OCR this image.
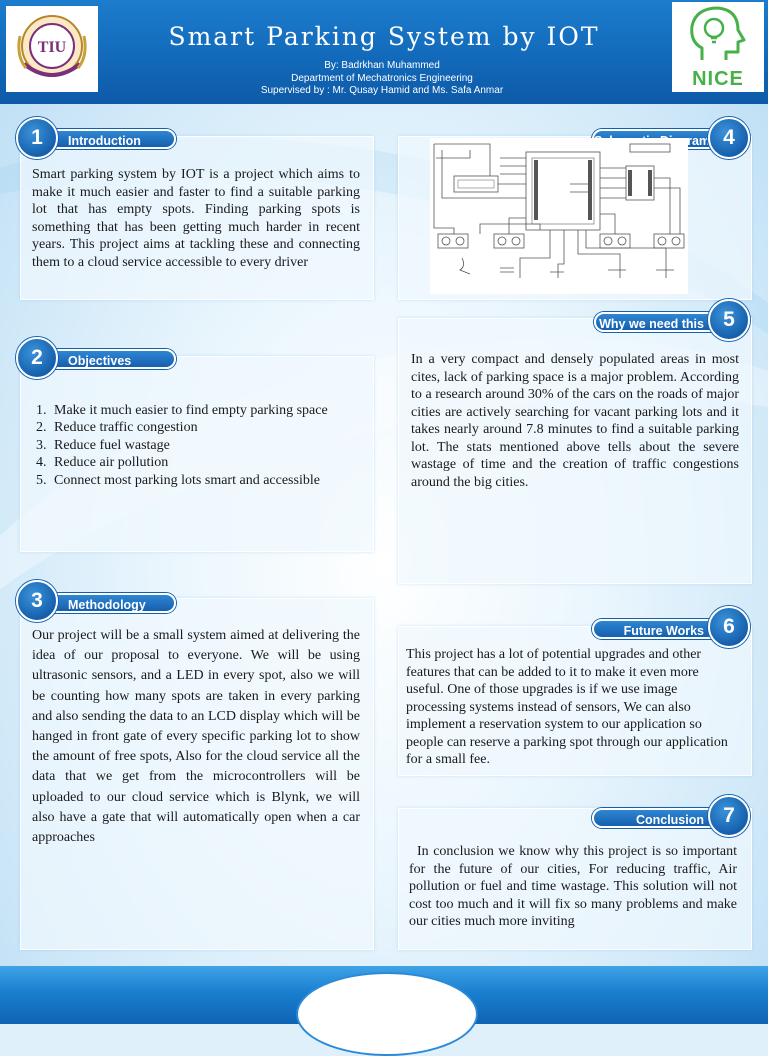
TIU	Smart Parking System by IOT
By: Badrkhan Muhammed
Department of Mechatronics Engineering
Supervised by : Mr. Qusay Hamid and Ms. Safa Anmar
NICE
Introduction
1

Smart parking system by IOT is a project which aims to make it much easier and faster to find a suitable parking lot that has empty spots. Finding parking spots is something that has been getting much harder in recent years. This project aims at tackling these and connecting them to a cloud service accessible to every driver

Objectives
2
1. Make it much easier to find empty parking space
2. Reduce traffic congestion
3. Reduce fuel wastage
4. Reduce air pollution
5. Connect most parking lots smart and accessible
Methodology
3

Our project will be a small system aimed at delivering the idea of our proposal to everyone. We will be using ultrasonic sensors, and a LED in every spot, also we will be counting how many spots are taken in every parking and also sending the data to an LCD display which will be hanged in front gate of every specific parking lot to show the amount of free spots, Also for the cloud service all the data that we get from the microcontrollers will be uploaded to our cloud service which is Blynk, we will also have a gate that will automatically open when a car approaches

4
Why we need this 5

In a very compact and densely populated areas in most cites, lack of parking space is a major problem. According to a research around 30% of the cars on the roads of major cities are actively searching for vacant parking lots and it takes nearly around 7.8 minutes to find a suitable parking lot. The stats mentioned above tells about the severe wastage of time and the creation of traffic congestions around the big cities.

Future Works 6

This project has a lot of potential upgrades and other features that can be added to it to make it even more useful. One of those upgrades is if we use image processing systems instead of sensors, We can also implement a reservation system to our application so people can reserve a parking spot through our application for a small fee.

Conclusion 7

In conclusion we know why this project is so important for the future of our cities, For reducing traffic, Air pollution or fuel and time wastage. This solution will not cost too much and it will fix so many problems and make our cities much more inviting
